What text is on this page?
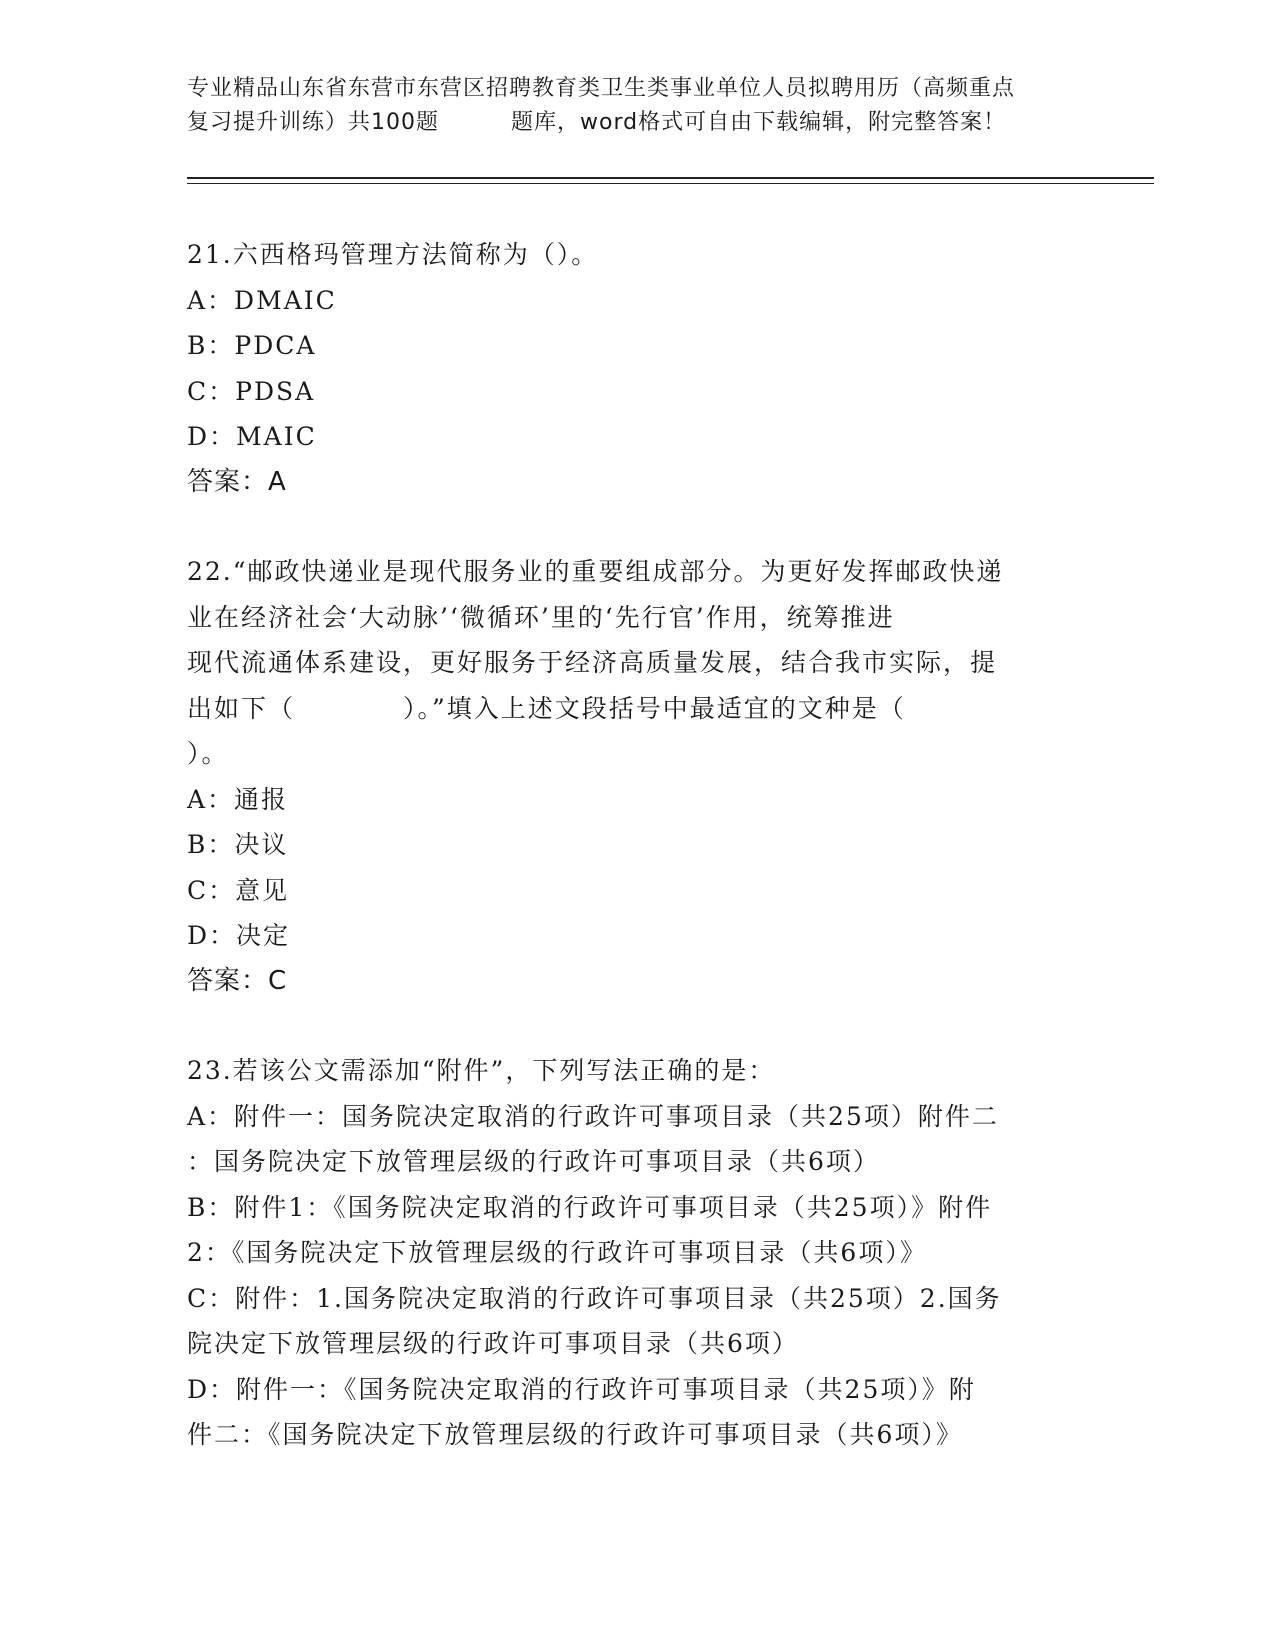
专业精品山东省东营市东营区招聘教育类卫生类事业单位人员拟聘用历（高频重点
复习提升训练）共100题	题库，word格式可自由下载编辑，附完整答案！
21.六西格玛管理方法简称为（）。
A：DMAIC
B：PDCA
C：PDSA
D：MAIC
答案：A
22.“邮政快递业是现代服务业的重要组成部分。为更好发挥邮政快递
业在经济社会‘大动脉’‘微循环’里的‘先行官’作用，统筹推进
现代流通体系建设，更好服务于经济高质量发展，结合我市实际，提
出如下（　　　　）。”填入上述文段括号中最适宜的文种是（
）。
A：通报
B：决议
C：意见
D：决定
答案：C
23.若该公文需添加“附件”，下列写法正确的是：
A：附件一：国务院决定取消的行政许可事项目录（共25项）附件二
：国务院决定下放管理层级的行政许可事项目录（共6项）
B：附件1：《国务院决定取消的行政许可事项目录（共25项）》附件
2：《国务院决定下放管理层级的行政许可事项目录（共6项）》
C：附件：1.国务院决定取消的行政许可事项目录（共25项）2.国务
院决定下放管理层级的行政许可事项目录（共6项）
D：附件一：《国务院决定取消的行政许可事项目录（共25项）》附
件二：《国务院决定下放管理层级的行政许可事项目录（共6项）》
